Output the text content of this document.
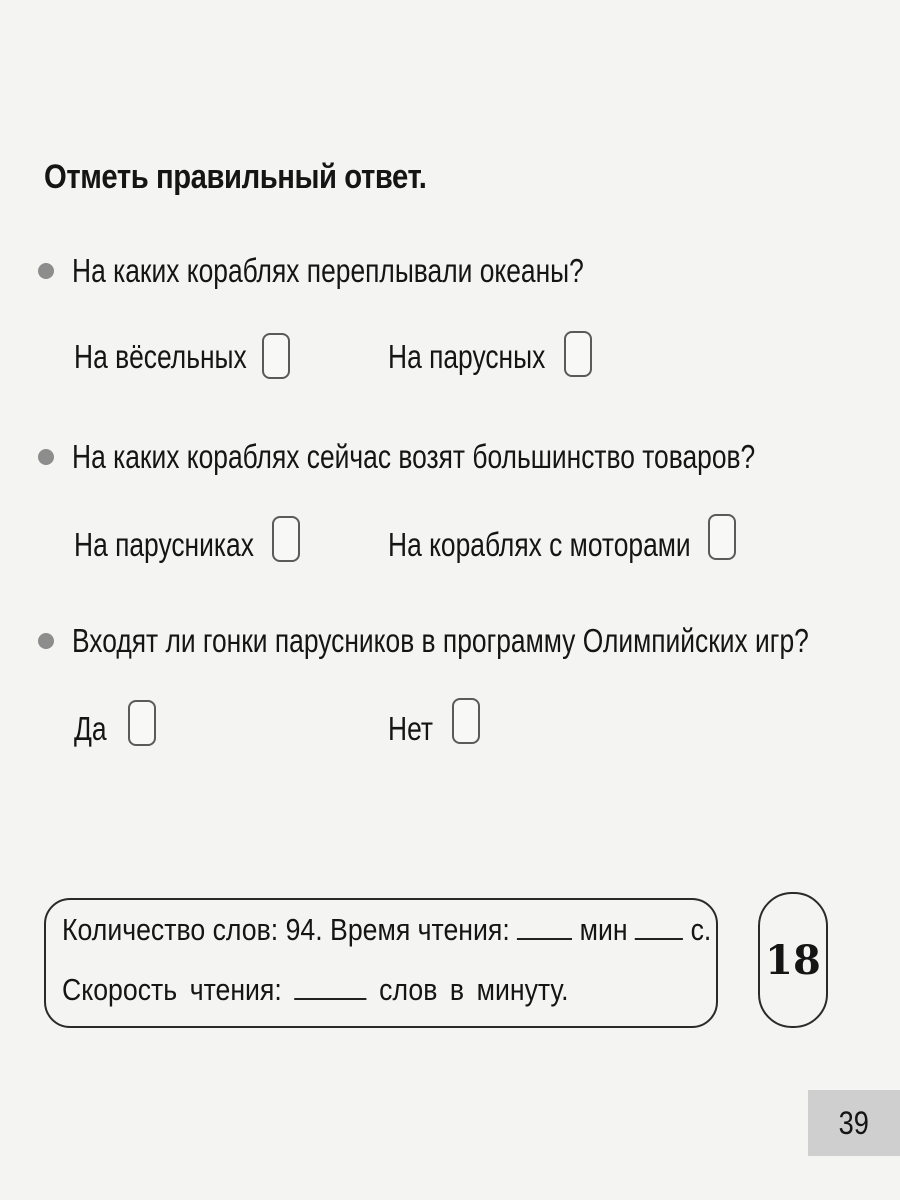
Отметь правильный ответ.
На каких кораблях переплывали океаны?
На вёсельных	На парусных
На каких кораблях сейчас возят большинство товаров?
На парусниках	На кораблях с моторами
Входят ли гонки парусников в программу Олимпийских игр?
Да	Нет
Количество слов: 94. Время чтения: мин с.
Скорость чтения:	слов в минуту.
18
39
